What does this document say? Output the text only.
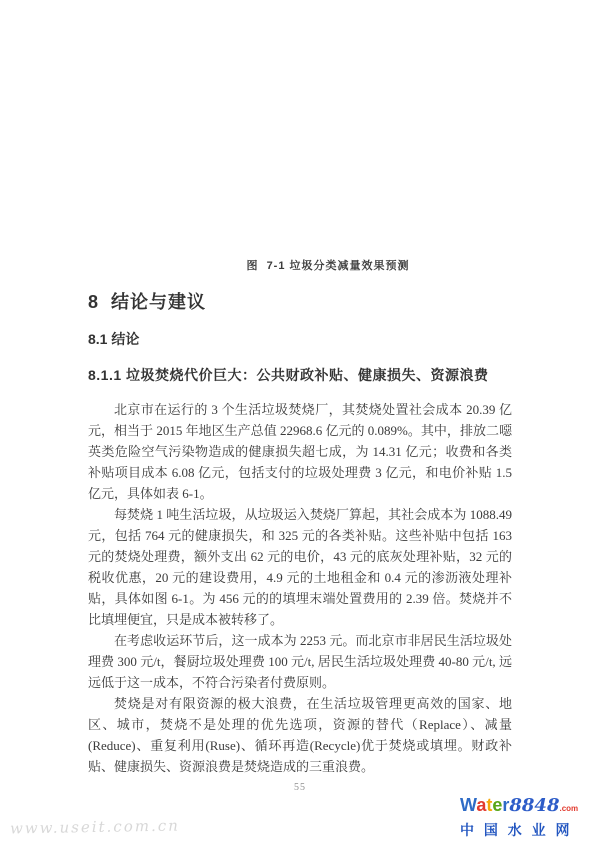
图  7-1 垃圾分类减量效果预测
8  结论与建议
8.1 结论
8.1.1 垃圾焚烧代价巨大：公共财政补贴、健康损失、资源浪费

北京市在运行的 3 个生活垃圾焚烧厂，其焚烧处置社会成本 20.39 亿元，相当于 2015 年地区生产总值 22968.6 亿元的 0.089%。其中，排放二噁英类危险空气污染物造成的健康损失超七成，为 14.31 亿元；收费和各类补贴项目成本 6.08 亿元，包括支付的垃圾处理费 3 亿元，和电价补贴 1.5 亿元，具体如表 6-1。

每焚烧 1 吨生活垃圾，从垃圾运入焚烧厂算起，其社会成本为 1088.49 元，包括 764 元的健康损失，和 325 元的各类补贴。这些补贴中包括 163 元的焚烧处理费，额外支出 62 元的电价，43 元的底灰处理补贴，32 元的税收优惠，20 元的建设费用，4.9 元的土地租金和 0.4 元的渗沥液处理补贴，具体如图 6-1。为 456 元的的填埋末端处置费用的 2.39 倍。焚烧并不比填埋便宜，只是成本被转移了。

在考虑收运环节后，这一成本为 2253 元。而北京市非居民生活垃圾处理费 300 元/t，餐厨垃圾处理费 100 元/t, 居民生活垃圾处理费 40-80 元/t, 远远低于这一成本，不符合污染者付费原则。

焚烧是对有限资源的极大浪费，在生活垃圾管理更高效的国家、地区、城市，焚烧不是处理的优先选项，资源的替代（Replace）、减量(Reduce)、重复利用(Ruse)、循环再造(Recycle)优于焚烧或填埋。财政补贴、健康损失、资源浪费是焚烧造成的三重浪费。

55
www.useit.com.cn
Water8848.com
中 国 水 业 网
